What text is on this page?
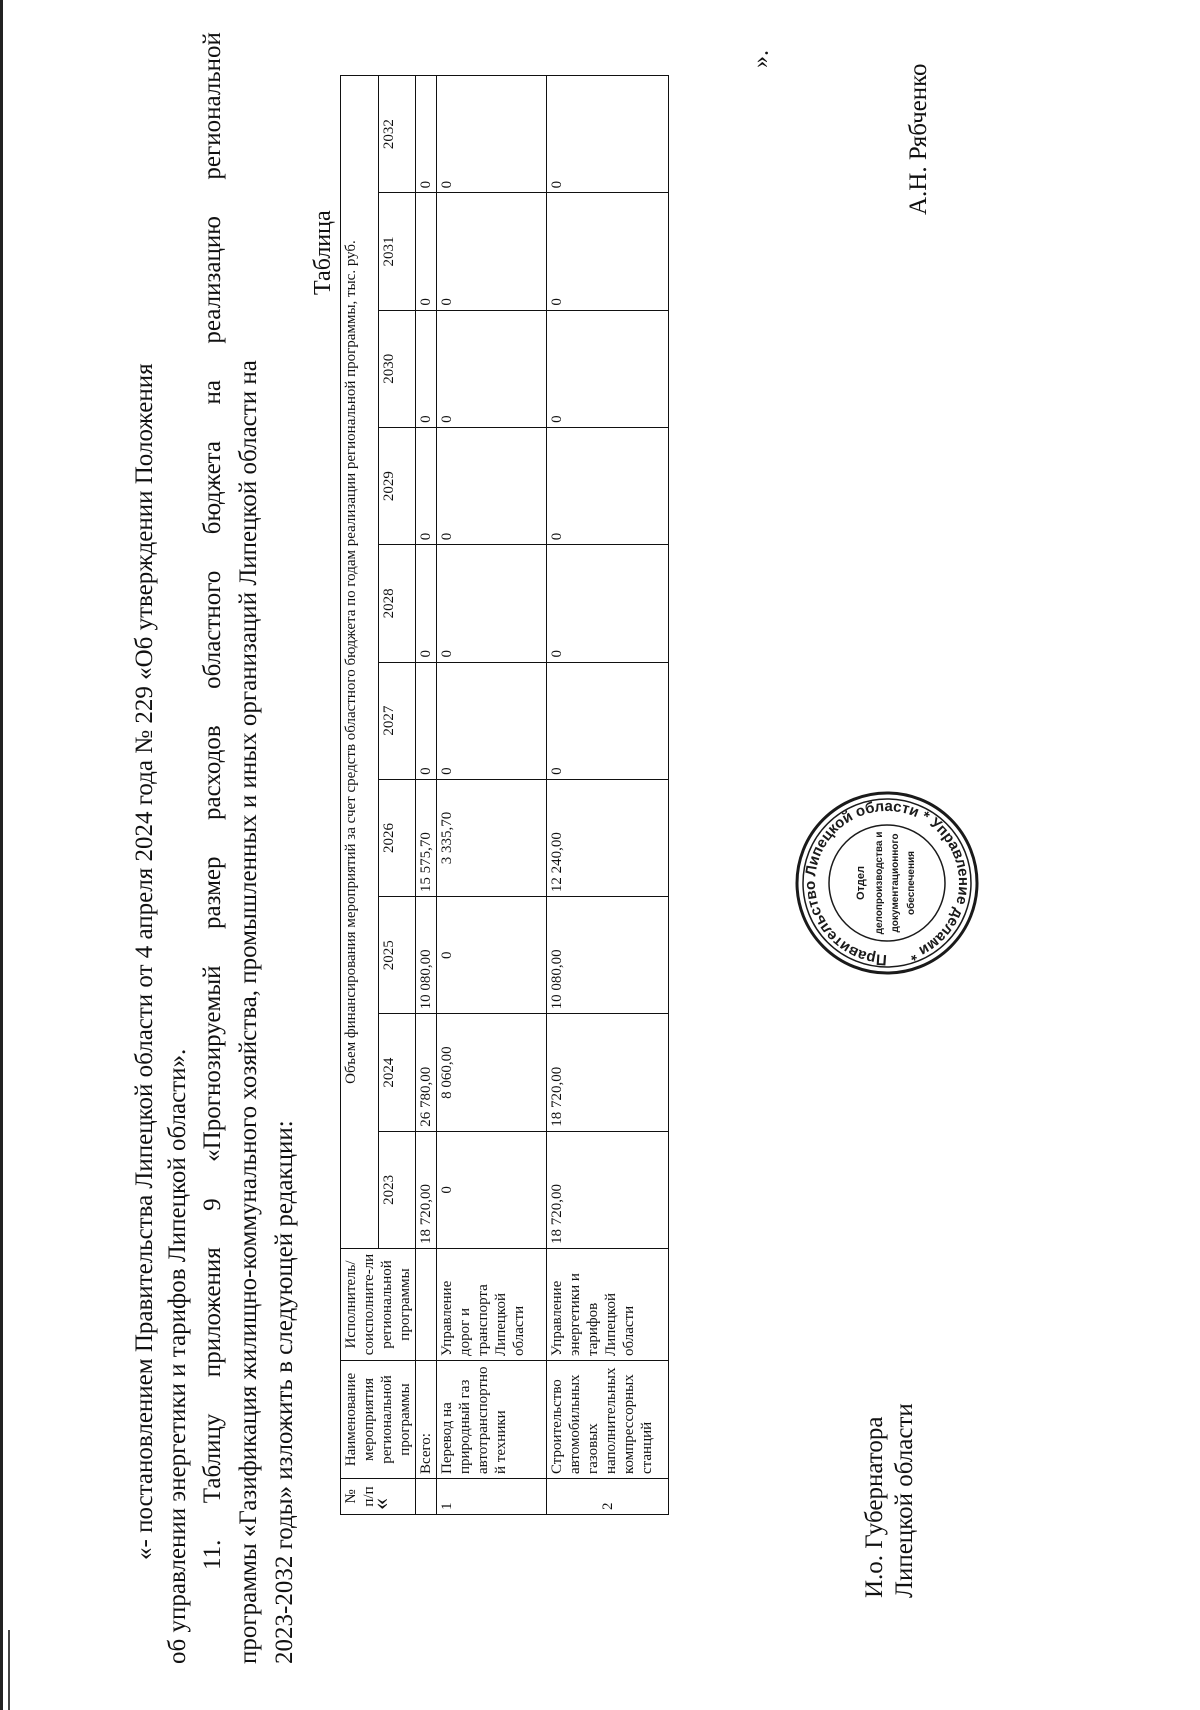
«- постановлением Правительства Липецкой области от 4 апреля 2024 года № 229 «Об утверждении Положения об управлении энергетики и тарифов Липецкой области». 11.
Таблицу
приложения
9
«Прогнозируемый
размер
расходов
областного
бюджета
на
реализацию
региональной
программы «Газификация жилищно-коммунального хозяйства, промышленных и иных организаций Липецкой области на 2023-2032 годы» изложить в следующей редакции:	«
Таблица
№ п/п	Наименование мероприятия региональной программы	Исполнитель/ соисполните-ли региональной программы	Объем финансирования мероприятий за счет средств областного бюджета по годам реализации региональной программы, тыс. руб.									
			2023	2024	2025	2026	2027	2028	2029	2030	2031	2032
	Всего:		18 720,00	26 780,00	10 080,00	15 575,70	0	0	0	0	0	0
1	Перевод на природный газ автотранспортно й техники	Управление дорог и транспорта Липецкой области	0	8 060,00	0	3 335,70	0	0	0	0	0	0
2	Строительство автомобильных газовых наполнительных компрессорных станций	Управление энергетики и тарифов Липецкой области	18 720,00	18 720,00	10 080,00	12 240,00	0	0	0	0	0	0
».
И.о. Губернатора Липецкой области
А.Н. Рябченко
Правительство Липецкой области * Управление делами *
Отдел делопроизводства и документационного обеспечения
